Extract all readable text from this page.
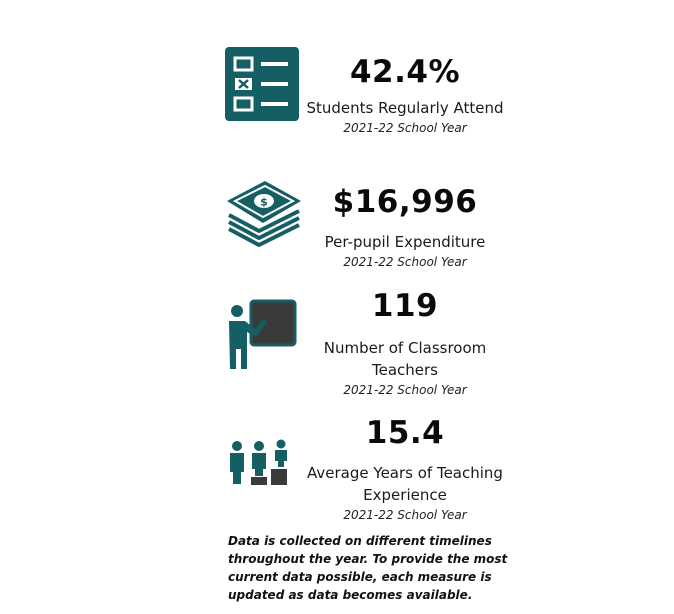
42.4%
Students Regularly Attend
2021-22 School Year
$	$16,996
Per-pupil Expenditure
2021-22 School Year
119
Number of Classroom Teachers
2021-22 School Year
15.4
Average Years of Teaching Experience
2021-22 School Year
Data is collected on different timelines throughout the year. To provide the most current data possible, each measure is updated as data becomes available.
